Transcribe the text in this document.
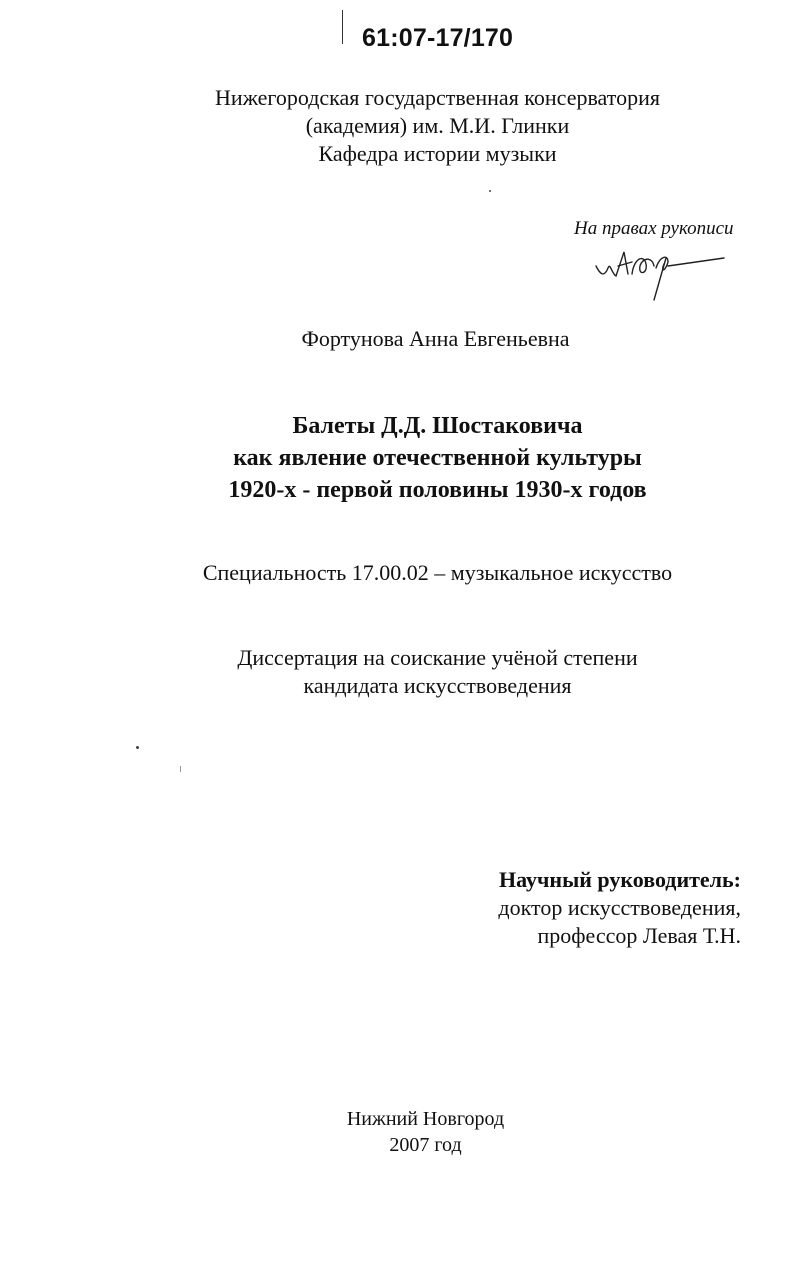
61:07-17/170
Нижегородская государственная консерватория
(академия) им. М.И. Глинки
Кафедра истории музыки
На правах рукописи
Фортунова Анна Евгеньевна
Балеты Д.Д. Шостаковича
как явление отечественной культуры
1920-х - первой половины 1930-х годов
Специальность 17.00.02 – музыкальное искусство
Диссертация на соискание учёной степени
кандидата искусствоведения
Научный руководитель:
доктор искусствоведения,
профессор Левая Т.Н.
Нижний Новгород
2007 год
